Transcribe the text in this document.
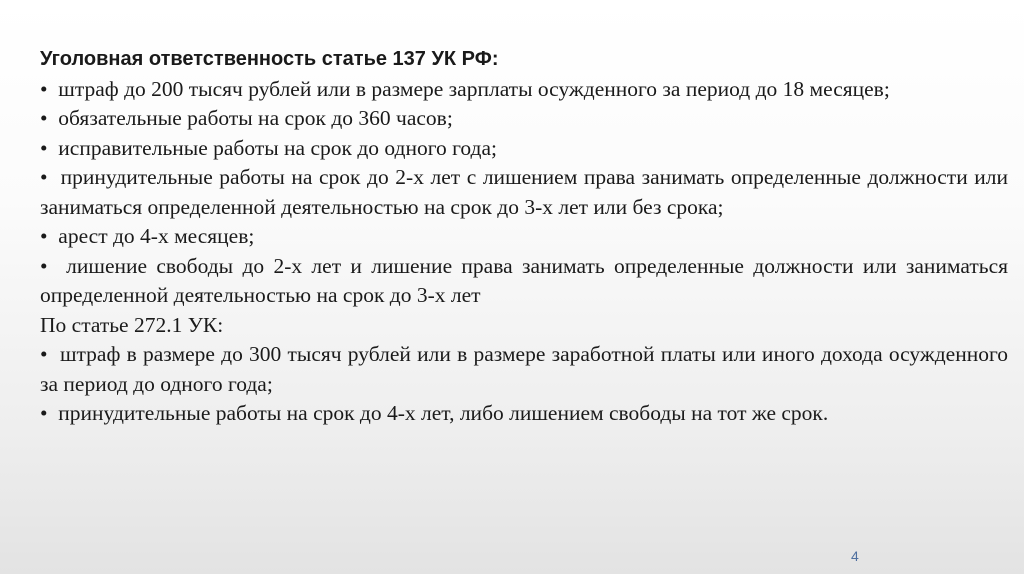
Уголовная ответственность статье 137 УК РФ:

• штраф до 200 тысяч рублей или в размере зарплаты осужденного за период до 18 месяцев;

• обязательные работы на срок до 360 часов;

• исправительные работы на срок до одного года;

• принудительные работы на срок до 2-х лет с лишением права занимать определенные должности или заниматься определенной деятельностью на срок до 3-х лет или без срока;

• арест до 4-х месяцев;

• лишение свободы до 2-х лет и лишение права занимать определенные должности или заниматься определенной деятельностью на срок до 3-х лет

По статье 272.1 УК:

• штраф в размере до 300 тысяч рублей или в размере заработной платы или иного дохода осужденного за период до одного года;

• принудительные работы на срок до 4-х лет, либо лишением свободы на тот же срок.

4
